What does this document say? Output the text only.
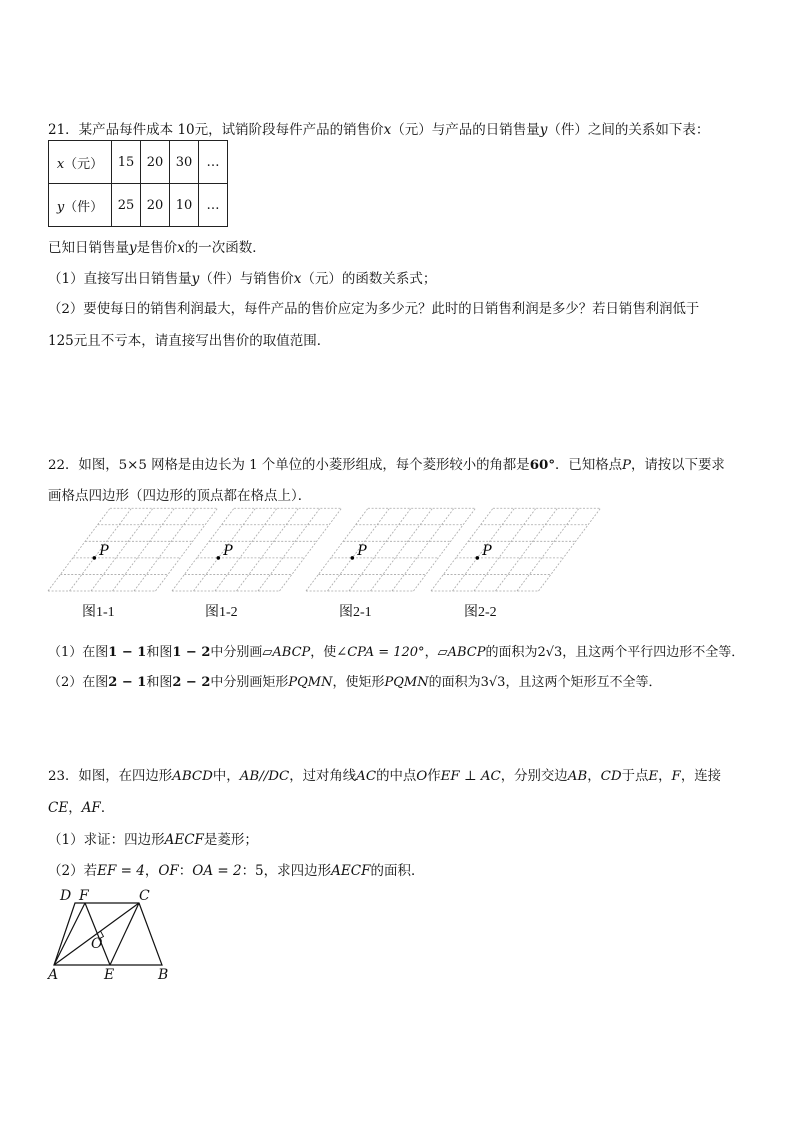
21．某产品每件成本 10元，试销阶段每件产品的销售价x（元）与产品的日销售量y（件）之间的关系如下表：
x（元）	15	20	30	…
y（件）	25	20	10	…
已知日销售量y是售价x的一次函数．
（1）直接写出日销售量y（件）与销售价x（元）的函数关系式；
（2）要使每日的销售利润最大，每件产品的售价应定为多少元？此时的日销售利润是多少？若日销售利润低于
125元且不亏本，请直接写出售价的取值范围．
22．如图，5×5 网格是由边长为 1 个单位的小菱形组成，每个菱形较小的角都是60°．已知格点P，请按以下要求
画格点四边形（四边形的顶点都在格点上）．
P	P	P	P
图1-1	图1-2	图2-1	图2-2
（1）在图1 − 1和图1 − 2中分别画▱ABCP，使∠CPA = 120°，▱ABCP的面积为2√3，且这两个平行四边形不全等．
（2）在图2 − 1和图2 − 2中分别画矩形PQMN，使矩形PQMN的面积为3√3，且这两个矩形互不全等．
23．如图，在四边形ABCD中，AB//DC，过对角线AC的中点O作EF ⊥ AC，分别交边AB，CD于点E，F，连接
CE，AF．
（1）求证：四边形AECF是菱形；
（2）若EF = 4，OF：OA = 2：5，求四边形AECF的面积．
D F	C
O
A	E	B
